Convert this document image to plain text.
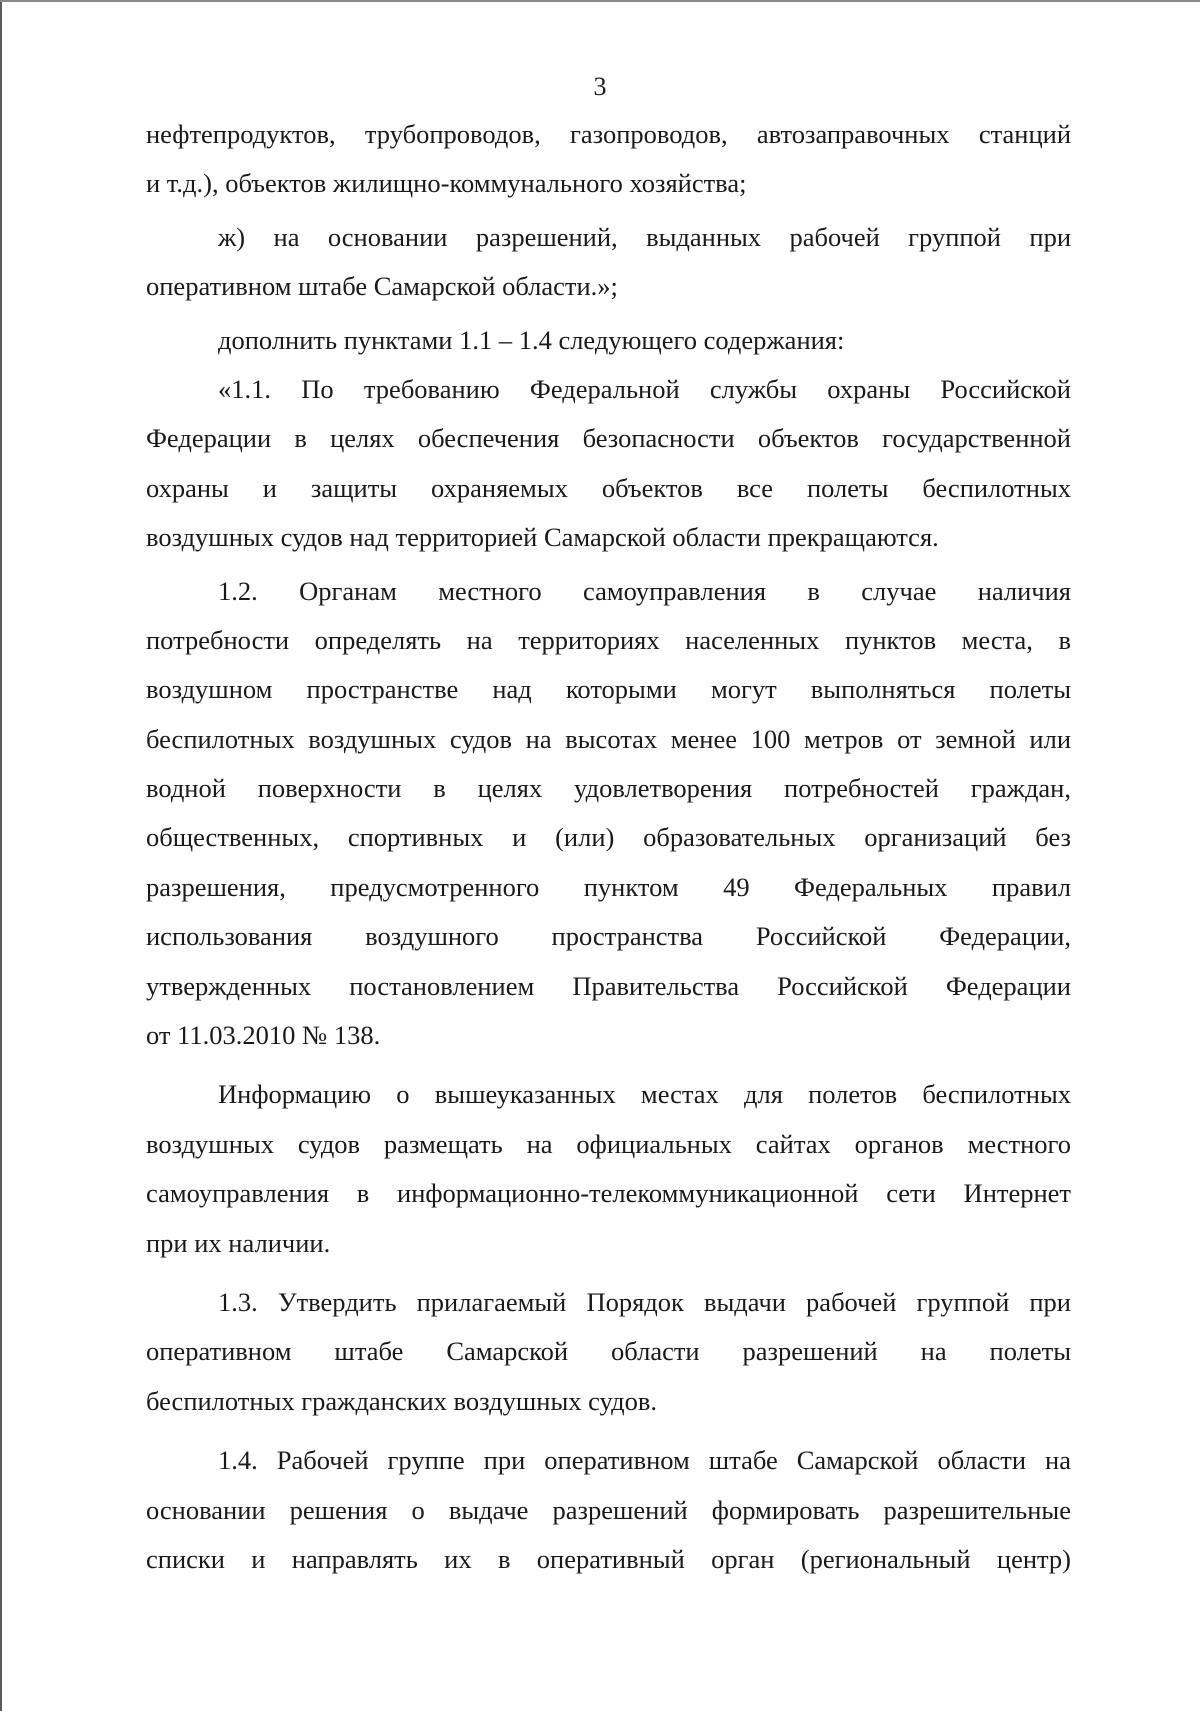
3
нефтепродуктов, трубопроводов, газопроводов, автозаправочных станций
и т.д.), объектов жилищно-коммунального хозяйства;
ж) на основании разрешений, выданных рабочей группой при
оперативном штабе Самарской области.»;
дополнить пунктами 1.1 – 1.4 следующего содержания:
«1.1. По требованию Федеральной службы охраны Российской
Федерации в целях обеспечения безопасности объектов государственной
охраны и защиты охраняемых объектов все полеты беспилотных
воздушных судов над территорией Самарской области прекращаются.
1.2. Органам местного самоуправления в случае наличия
потребности определять на территориях населенных пунктов места, в
воздушном пространстве над которыми могут выполняться полеты
беспилотных воздушных судов на высотах менее 100 метров от земной или
водной поверхности в целях удовлетворения потребностей граждан,
общественных, спортивных и (или) образовательных организаций без
разрешения, предусмотренного пунктом 49 Федеральных правил
использования воздушного пространства Российской Федерации,
утвержденных постановлением Правительства Российской Федерации
от 11.03.2010 № 138.
Информацию о вышеуказанных местах для полетов беспилотных
воздушных судов размещать на официальных сайтах органов местного
самоуправления в информационно-телекоммуникационной сети Интернет
при их наличии.
1.3. Утвердить прилагаемый Порядок выдачи рабочей группой при
оперативном штабе Самарской области разрешений на полеты
беспилотных гражданских воздушных судов.
1.4. Рабочей группе при оперативном штабе Самарской области на
основании решения о выдаче разрешений формировать разрешительные
списки и направлять их в оперативный орган (региональный центр)
